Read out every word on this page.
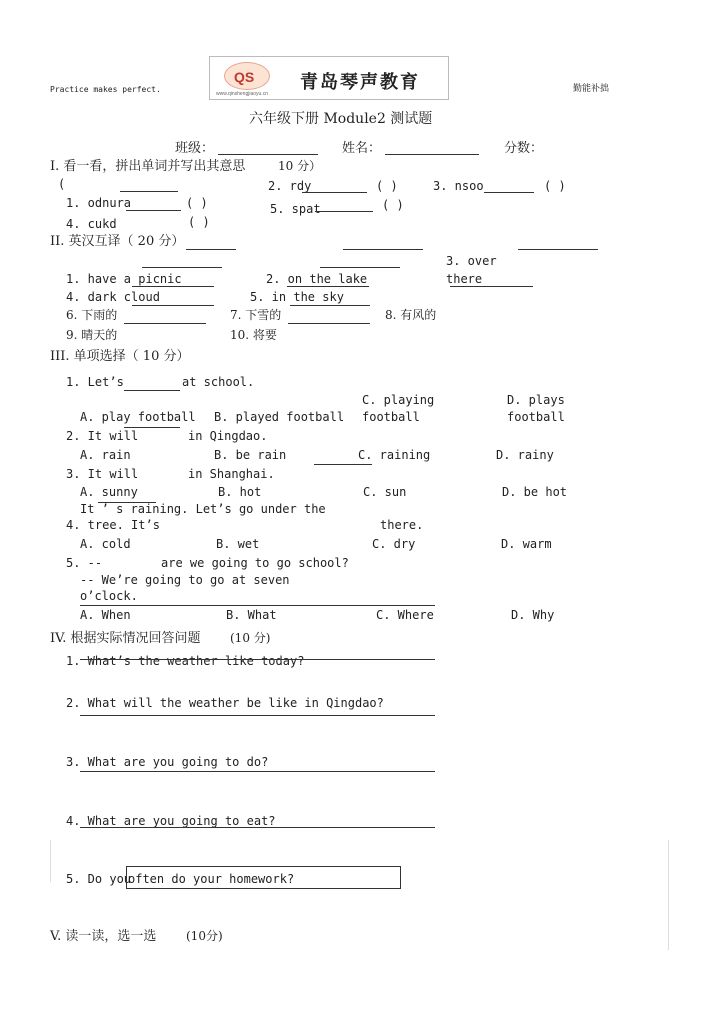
Practice makes perfect.
QS
www.qinshengjiaoyu.cn
青岛琴声教育	勤能补拙
六年级下册 Module2 测试题
班级：	姓名：	分数：
I. 看一看，拼出单词并写出其意思	10 分）
(	2. rdy	( )	3. nsoo	( )
1. odnura	( )	5. spat	( )
4. cukd	( )
II. 英汉互译（ 20 分）
3. over
1. have a picnic	2. on the lake	there
4. dark cloud	5. in the sky
6. 下雨的	7. 下雪的	8. 有风的
9. 晴天的	10. 将要
III. 单项选择（ 10 分）
1. Let’s	at school.
C. playing	D. plays
A. play football B. played football football	football
2. It will	in Qingdao.
A. rain	B. be rain	C. raining	D. rainy
3. It will	in Shanghai.
A. sunny	B. hot	C. sun	D. be hot
It ’ s raining. Let’s go under the
4. tree. It’s	there.
A. cold	B. wet	C. dry	D. warm
5. --	are we going to go school?
-- We’re going to go at seven
o’clock.
A. When	B. What	C. Where	D. Why
IV. 根据实际情况回答问题 (10 分)
1. What’s the weather like today?
2. What will the weather be like in Qingdao?
3. What are you going to do?
4. What are you going to eat?
5. Do you
often do your homework?
V. 读一读，选一选 (10分)
